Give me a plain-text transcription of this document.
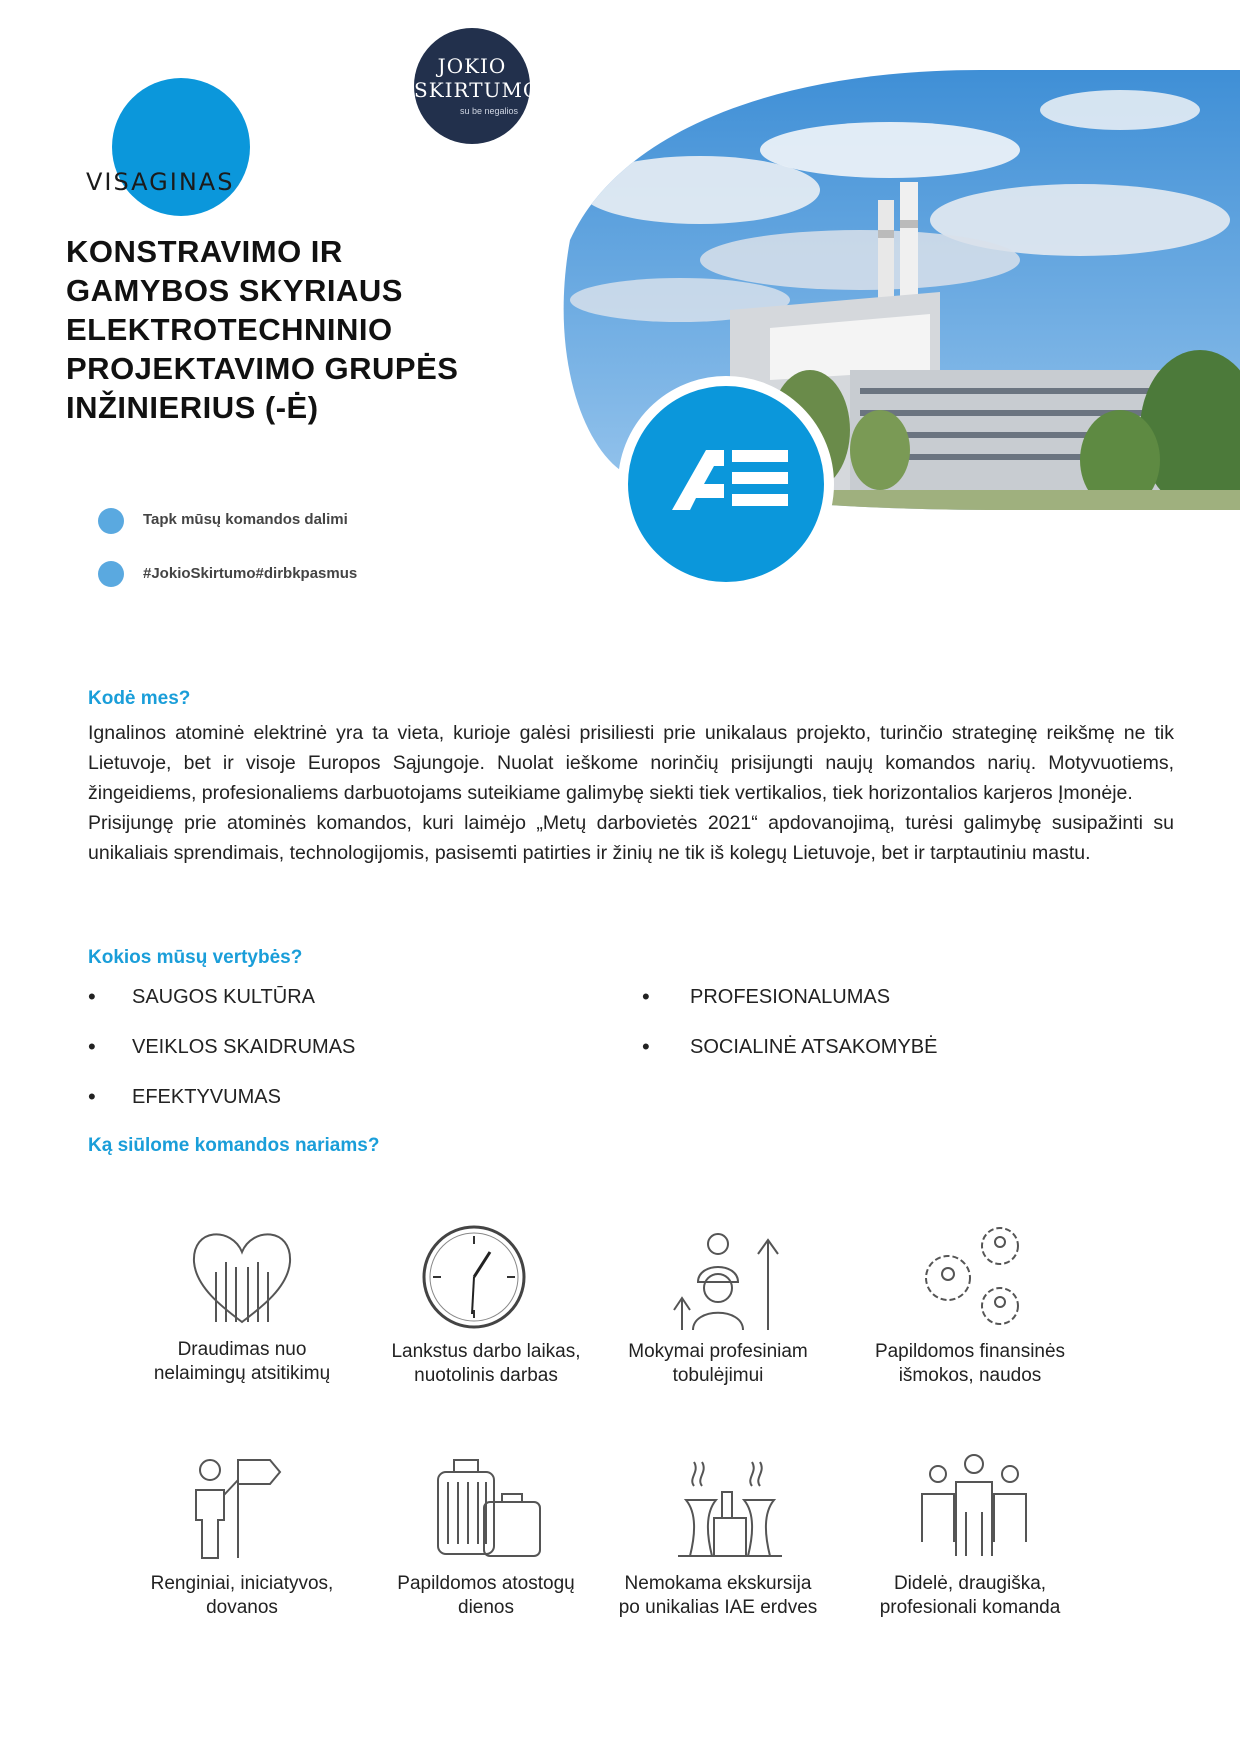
VISAGINAS
JOKIO
SKIRTUMO
su be negalios
KONSTRAVIMO IR
GAMYBOS SKYRIAUS
ELEKTROTECHNINIO
PROJEKTAVIMO GRUPĖS
INŽINIERIUS (-Ė)
Tapk mūsų komandos dalimi
#JokioSkirtumo#dirbkpasmus
Kodė mes?

Ignalinos atominė elektrinė yra ta vieta, kurioje galėsi prisiliesti prie unikalaus projekto, turinčio strateginę reikšmę ne tik Lietuvoje, bet ir visoje Europos Sąjungoje. Nuolat ieškome norinčių prisijungti naujų komandos narių. Motyvuotiems, žingeidiems, profesionaliems darbuotojams suteikiame galimybę siekti tiek vertikalios, tiek horizontalios karjeros Įmonėje.

Prisijungę prie atominės komandos, kuri laimėjo „Metų darbovietės 2021“ apdovanojimą, turėsi galimybę susipažinti su unikaliais sprendimais, technologijomis, pasisemti patirties ir žinių ne tik iš kolegų Lietuvoje, bet ir tarptautiniu mastu.

Kokios mūsų vertybės?
• SAUGOS KULTŪRA
• VEIKLOS SKAIDRUMAS
• EFEKTYVUMAS
• PROFESIONALUMAS
• SOCIALINĖ ATSAKOMYBĖ
Ką siūlome komandos nariams?
Draudimas nuo nelaimingų atsitikimų
Lankstus darbo laikas, nuotolinis darbas
Mokymai profesiniam tobulėjimui
Papildomos finansinės išmokos, naudos
Renginiai, iniciatyvos, dovanos
Papildomos atostogų dienos
Nemokama ekskursija po unikalias IAE erdves
Didelė, draugiška, profesionali komanda
